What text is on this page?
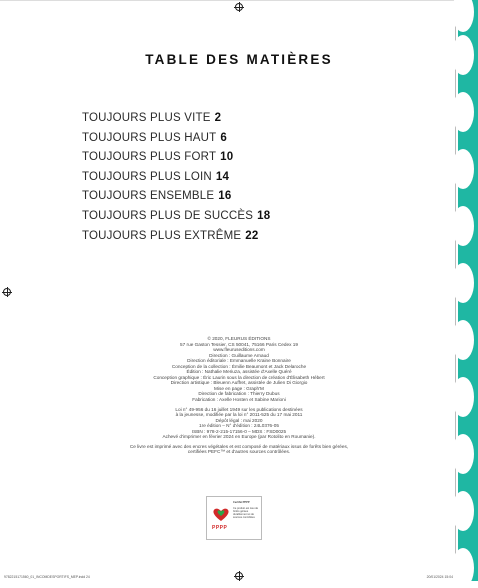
TABLE DES MATIÈRES
TOUJOURS PLUS VITE 2
TOUJOURS PLUS HAUT 6
TOUJOURS PLUS FORT 10
TOUJOURS PLUS LOIN 14
TOUJOURS ENSEMBLE 16
TOUJOURS PLUS DE SUCCÈS 18
TOUJOURS PLUS EXTRÊME 22
© 2020, FLEURUS ÉDITIONS
57 rue Gaston Tessier, CS 50041, 75166 Paris Cedex 19
www.fleuruseditions.com
Direction : Guillaume Arnaud
Direction éditoriale : Emmanuelle Kraine Bonnaire
Conception de la collection : Émilie Beaumont et Jack Delaroche
Édition : Nathalie Meriuza, assistée d'Axelle Quéré
Conception graphique : Éric Laurin sous la direction de création d'Élisabeth Hébert
Direction artistique : Bleuenn Auffret, assistée de Julien Di Giorgio
Mise en page : Graph'M
Direction de fabrication : Thierry Dubus
Fabrication : Axelle Hosten et Sabine Marioni
Loi n° 49-956 du 16 juillet 1949 sur les publications destinées
à la jeunesse, modifiée par la loi n° 2011-525 du 17 mai 2011
Dépôt légal : mai 2020
1re édition – N° d'édition : 24L0376-05
ISBN : 978-2-215-17156-0 – MDS : FSD0025
Achevé d'imprimer en février 2024 en Europe (par Rotolito en Roumanie).
Ce livre est imprimé avec des encres végétales et est composé de matériaux issus de forêts bien gérées,
certifiées PEFC™ et d'autres sources contrôlées.
Certifié PPPP
PPPP
Ce produit est issu de forêts gérées durablement et de sources contrôlées
9782215171560_01_INCOMDESPORTIFS_MEP.indd 24	20/01/2024 15:04
